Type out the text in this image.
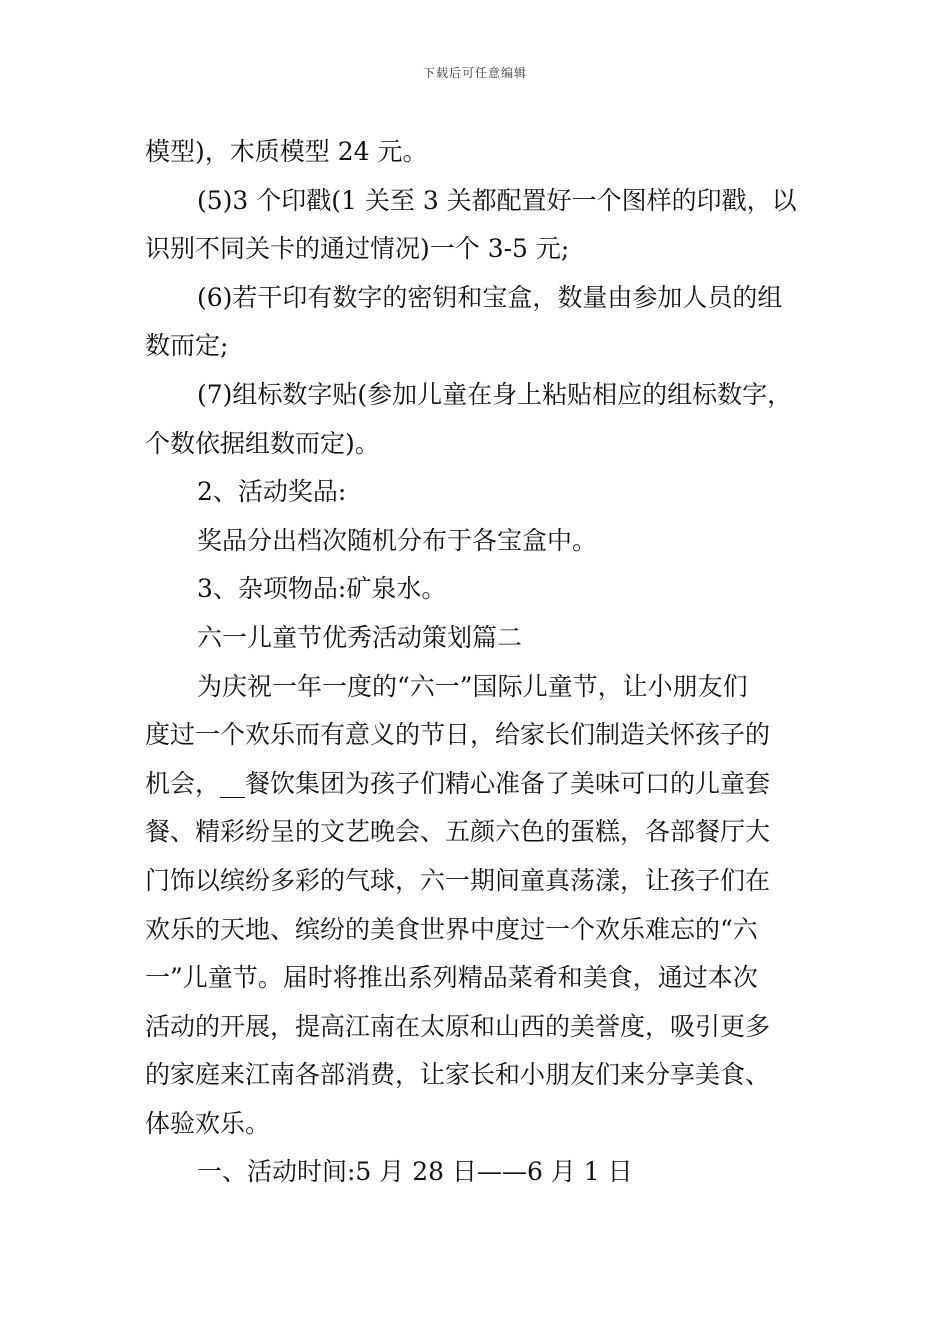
下载后可任意编辑
模型)，木质模型 24 元。
(5)3 个印戳(1 关至 3 关都配置好一个图样的印戳，以
识别不同关卡的通过情况)一个 3-5 元;
(6)若干印有数字的密钥和宝盒，数量由参加人员的组
数而定;
(7)组标数字贴(参加儿童在身上粘贴相应的组标数字，
个数依据组数而定)。
2、活动奖品:
奖品分出档次随机分布于各宝盒中。
3、杂项物品:矿泉水。
六一儿童节优秀活动策划篇二
为庆祝一年一度的“六一”国际儿童节，让小朋友们
度过一个欢乐而有意义的节日，给家长们制造关怀孩子的
机会，__餐饮集团为孩子们精心准备了美味可口的儿童套
餐、精彩纷呈的文艺晚会、五颜六色的蛋糕，各部餐厅大
门饰以缤纷多彩的气球，六一期间童真荡漾，让孩子们在
欢乐的天地、缤纷的美食世界中度过一个欢乐难忘的“六
一”儿童节。届时将推出系列精品菜肴和美食，通过本次
活动的开展，提高江南在太原和山西的美誉度，吸引更多
的家庭来江南各部消费，让家长和小朋友们来分享美食、
体验欢乐。
一、活动时间:5 月 28 日——6 月 1 日
